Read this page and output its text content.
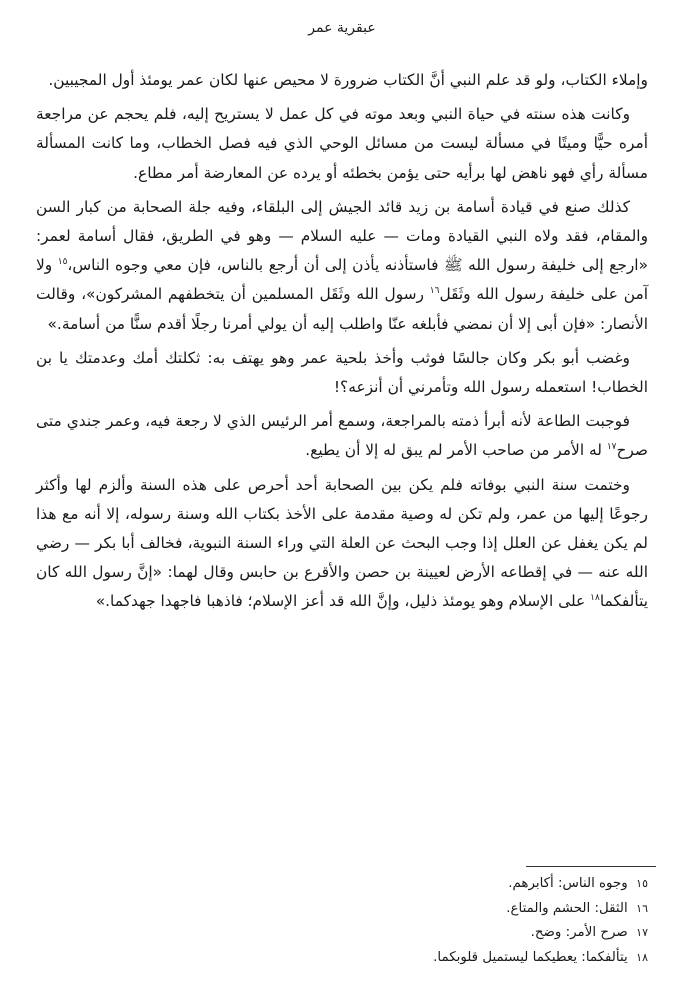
عبقرية عمر

وإملاء الكتاب، ولو قد علم النبي أنَّ الكتاب ضرورة لا محيص عنها لكان عمر يومئذ أول المجيبين.

وكانت هذه سنته في حياة النبي وبعد موته في كل عمل لا يستريح إليه، فلم يحجم عن مراجعة أمره حيًّا وميتًا في مسألة ليست من مسائل الوحي الذي فيه فصل الخطاب، وما كانت المسألة مسألة رأي فهو ناهض لها برأيه حتى يؤمن بخطئه أو يرده عن المعارضة أمر مطاع.

كذلك صنع في قيادة أسامة بن زيد قائد الجيش إلى البلقاء، وفيه جلة الصحابة من كبار السن والمقام، فقد ولاه النبي القيادة ومات — عليه السلام — وهو في الطريق، فقال أسامة لعمر: «ارجع إلى خليفة رسول الله ﷺ فاستأذنه يأذن إلى أن أرجع بالناس، فإن معي وجوه الناس،$^{١٥}$ ولا آمن على خليفة رسول الله وثَقَل$^{١٦}$ رسول الله وثَقَل المسلمين أن يتخطفهم المشركون»، وقالت الأنصار: «فإن أبى إلا أن نمضي فأبلغه عنّا واطلب إليه أن يولي أمرنا رجلًا أقدم سنًّا من أسامة.»

وغضب أبو بكر وكان جالسًا فوثب وأخذ بلحية عمر وهو يهتف به: ثكلتك أمك وعدمتك يا بن الخطاب! استعمله رسول الله وتأمرني أن أنزعه؟!

فوجبت الطاعة لأنه أبرأ ذمته بالمراجعة، وسمع أمر الرئيس الذي لا رجعة فيه، وعمر جندي متى صرح$^{١٧}$ له الأمر من صاحب الأمر لم يبق له إلا أن يطيع.

وختمت سنة النبي بوفاته فلم يكن بين الصحابة أحد أحرص على هذه السنة وألزم لها وأكثر رجوعًا إليها من عمر، ولم تكن له وصية مقدمة على الأخذ بكتاب الله وسنة رسوله، إلا أنه مع هذا لم يكن يغفل عن العلل إذا وجب البحث عن العلة التي وراء السنة النبوية، فخالف أبا بكر — رضي الله عنه — في إقطاعه الأرض لعيينة بن حصن والأقرع بن حابس وقال لهما: «إنَّ رسول الله كان يتألفكما$^{١٨}$ على الإسلام وهو يومئذ ذليل، وإنَّ الله قد أعز الإسلام؛ فاذهبا فاجهدا جهدكما.»

١٥ وجوه الناس: أكابرهم.
١٦ الثقل: الحشم والمتاع.
١٧ صرح الأمر: وضح.
١٨ يتألفكما: يعطيكما ليستميل قلوبكما.
